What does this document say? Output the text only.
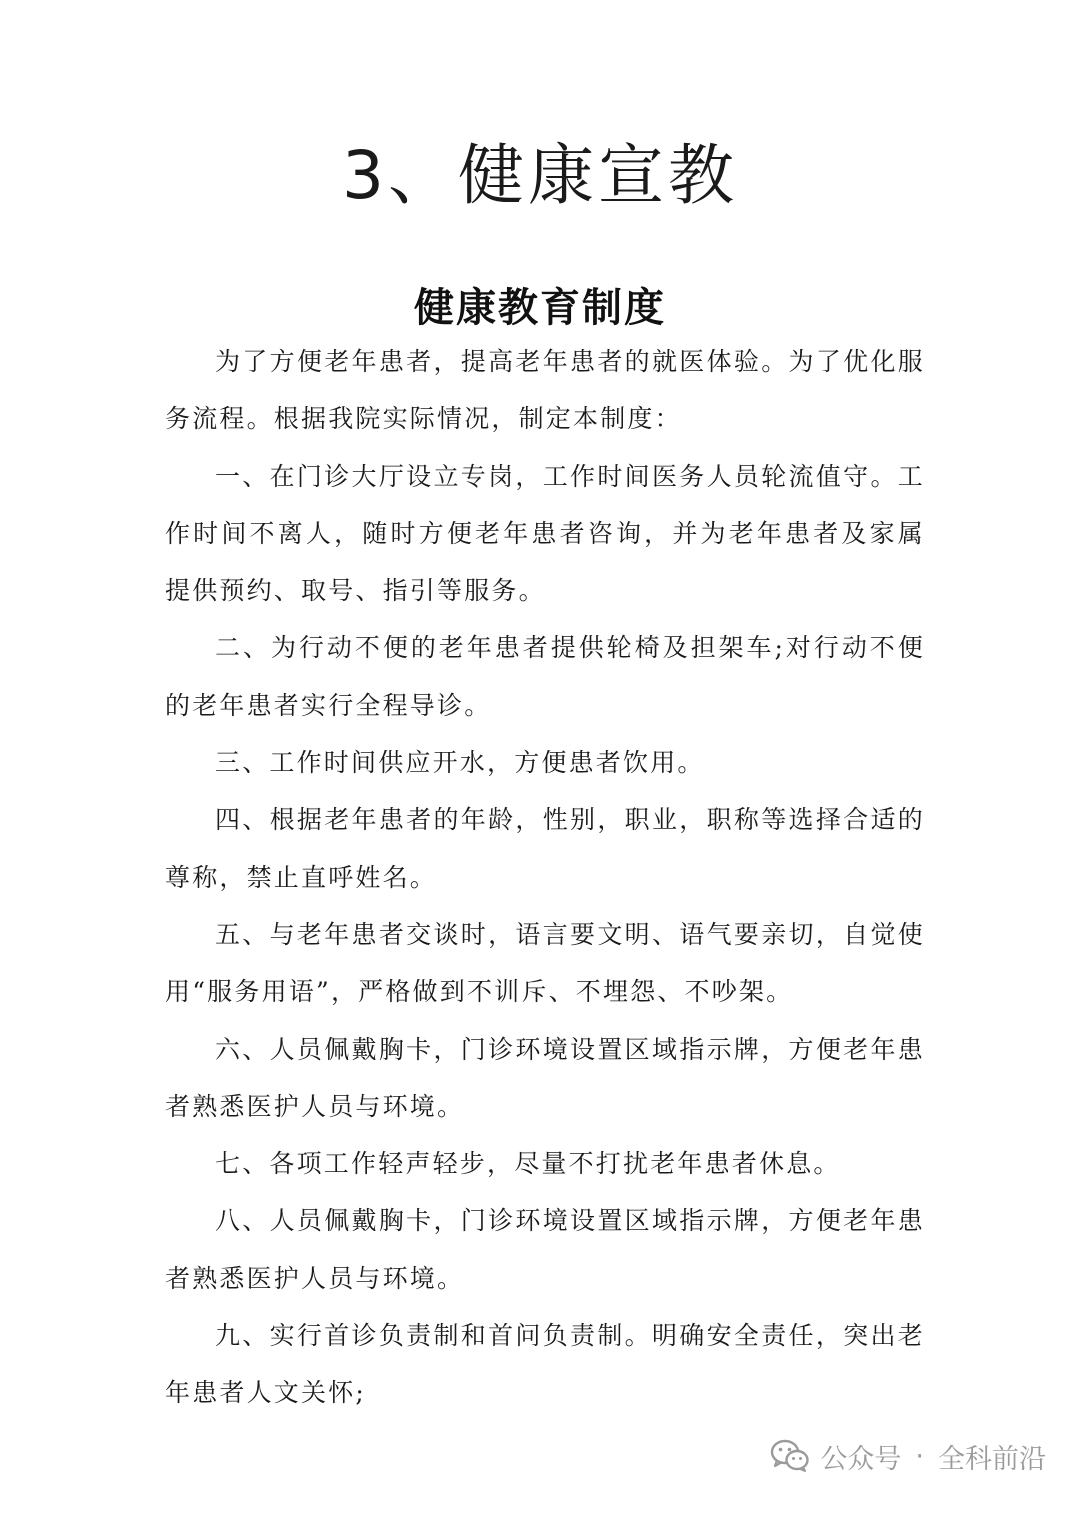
3、健康宣教
健康教育制度

为了方便老年患者，提高老年患者的就医体验。为了优化服务流程。根据我院实际情况，制定本制度：

一、在门诊大厅设立专岗，工作时间医务人员轮流值守。工作时间不离人，随时方便老年患者咨询，并为老年患者及家属提供预约、取号、指引等服务。

二、为行动不便的老年患者提供轮椅及担架车;对行动不便的老年患者实行全程导诊。

三、工作时间供应开水，方便患者饮用。

四、根据老年患者的年龄，性别，职业，职称等选择合适的尊称，禁止直呼姓名。

五、与老年患者交谈时，语言要文明、语气要亲切，自觉使用“服务用语”，严格做到不训斥、不埋怨、不吵架。

六、人员佩戴胸卡，门诊环境设置区域指示牌，方便老年患者熟悉医护人员与环境。

七、各项工作轻声轻步，尽量不打扰老年患者休息。

八、人员佩戴胸卡，门诊环境设置区域指示牌，方便老年患者熟悉医护人员与环境。

九、实行首诊负责制和首问负责制。明确安全责任，突出老年患者人文关怀;

公众号 · 全科前沿
